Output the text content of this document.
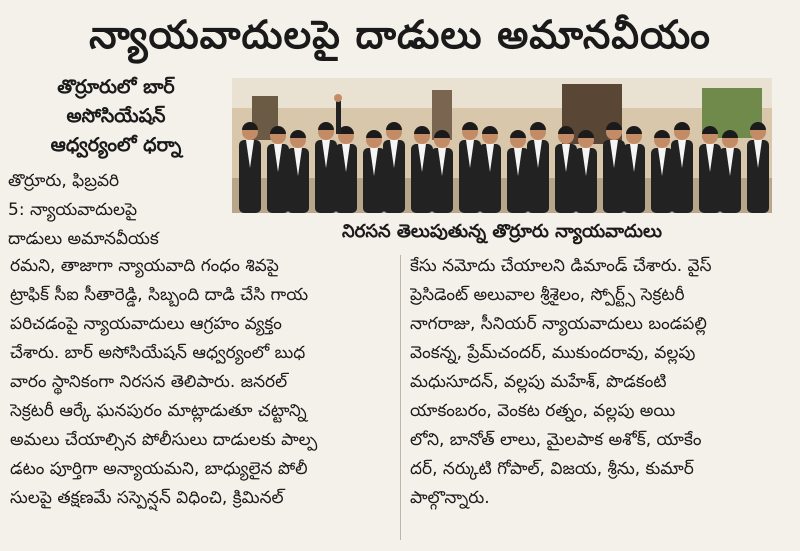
న్యాయవాదులపై దాడులు అమానవీయం
తొర్రూరులో బార్
అసోసియేషన్
ఆధ్వర్యంలో ధర్నా
తొర్రూరు, ఫిబ్రవరి
5: న్యాయవాదులపై
దాడులు అమానవీయక	నిరసన తెలుపుతున్న తొర్రూరు న్యాయవాదులు
రమని, తాజాగా న్యాయవాది గంధం శివపై
ట్రాఫిక్ సీఐ సీతారెడ్డి, సిబ్బంది దాడి చేసి గాయ
పరిచడంపై న్యాయవాదులు ఆగ్రహం వ్యక్తం
చేశారు. బార్ అసోసియేషన్ ఆధ్వర్యంలో బుధ
వారం స్థానికంగా నిరసన తెలిపారు. జనరల్
సెక్రటరీ ఆర్కే ఘనపురం మాట్లాడుతూ చట్టాన్ని
అమలు చేయాల్సిన పోలీసులు దాడులకు పాల్ప
డటం పూర్తిగా అన్యాయమని, బాధ్యులైన పోలీ
సులపై తక్షణమే సస్పెన్షన్ విధించి, క్రిమినల్
కేసు నమోదు చేయాలని డిమాండ్ చేశారు. వైస్
ప్రెసిడెంట్ అలువాల శ్రీశైలం, స్పోర్ట్స్ సెక్రటరీ
నాగరాజు, సీనియర్ న్యాయవాదులు బండపల్లి
వెంకన్న, ప్రేమ్‌చందర్, ముకుందరావు, వల్లపు
మధుసూదన్, వల్లపు మహేశ్, పొడకంటి
యాకంబరం, వెంకట రత్నం, వల్లపు అయి
లోని, బానోత్ లాలు, మైలపాక అశోక్, యాకేం
దర్, నర్కుటి గోపాల్, విజయ, శ్రీను, కుమార్
పాల్గొన్నారు.
